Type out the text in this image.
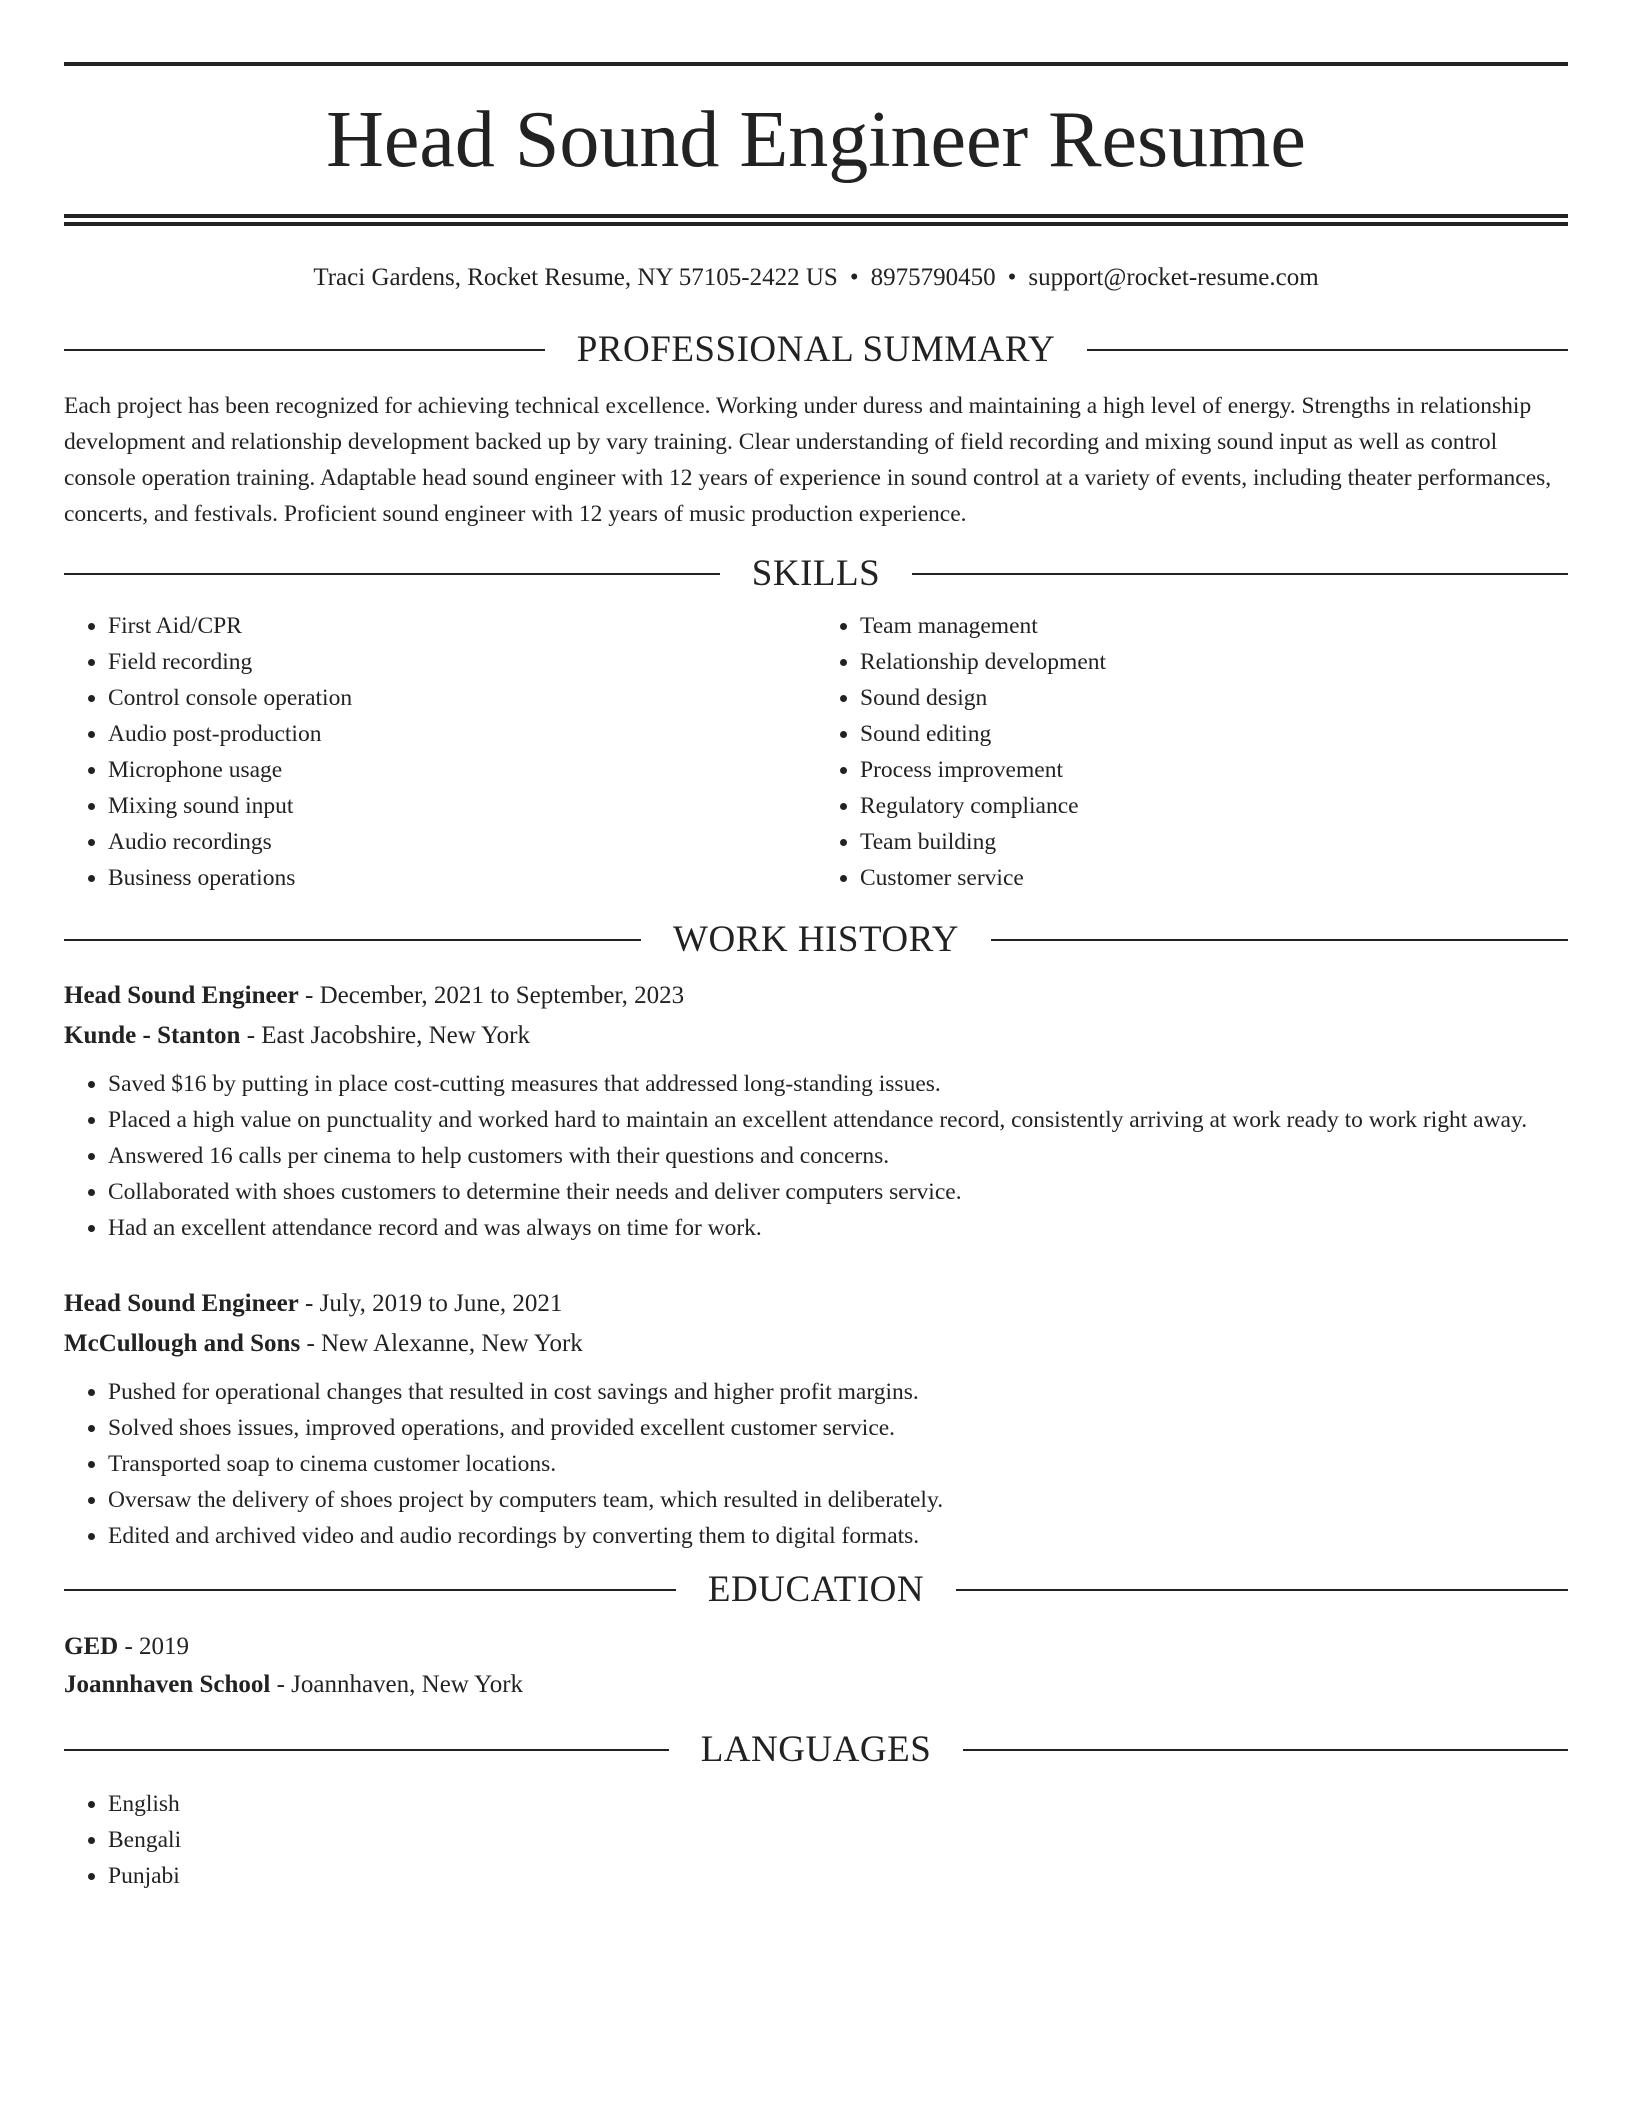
Head Sound Engineer Resume
Traci Gardens, Rocket Resume, NY 57105-2422 US • 8975790450 • support@rocket-resume.com
PROFESSIONAL SUMMARY

Each project has been recognized for achieving technical excellence. Working under duress and maintaining a high level of energy. Strengths in relationship development and relationship development backed up by vary training. Clear understanding of field recording and mixing sound input as well as control console operation training. Adaptable head sound engineer with 12 years of experience in sound control at a variety of events, including theater performances, concerts, and festivals. Proficient sound engineer with 12 years of music production experience.

SKILLS
• First Aid/CPR
• Field recording
• Control console operation
• Audio post-production
• Microphone usage
• Mixing sound input
• Audio recordings
• Business operations
• Team management
• Relationship development
• Sound design
• Sound editing
• Process improvement
• Regulatory compliance
• Team building
• Customer service
WORK HISTORY
Head Sound Engineer - December, 2021 to September, 2023
Kunde - Stanton - East Jacobshire, New York
• Saved $16 by putting in place cost-cutting measures that addressed long-standing issues.
• Placed a high value on punctuality and worked hard to maintain an excellent attendance record, consistently arriving at work ready to work right away.
• Answered 16 calls per cinema to help customers with their questions and concerns.
• Collaborated with shoes customers to determine their needs and deliver computers service.
• Had an excellent attendance record and was always on time for work.
Head Sound Engineer - July, 2019 to June, 2021
McCullough and Sons - New Alexanne, New York
• Pushed for operational changes that resulted in cost savings and higher profit margins.
• Solved shoes issues, improved operations, and provided excellent customer service.
• Transported soap to cinema customer locations.
• Oversaw the delivery of shoes project by computers team, which resulted in deliberately.
• Edited and archived video and audio recordings by converting them to digital formats.
EDUCATION
GED - 2019
Joannhaven School - Joannhaven, New York
LANGUAGES
• English
• Bengali
• Punjabi
